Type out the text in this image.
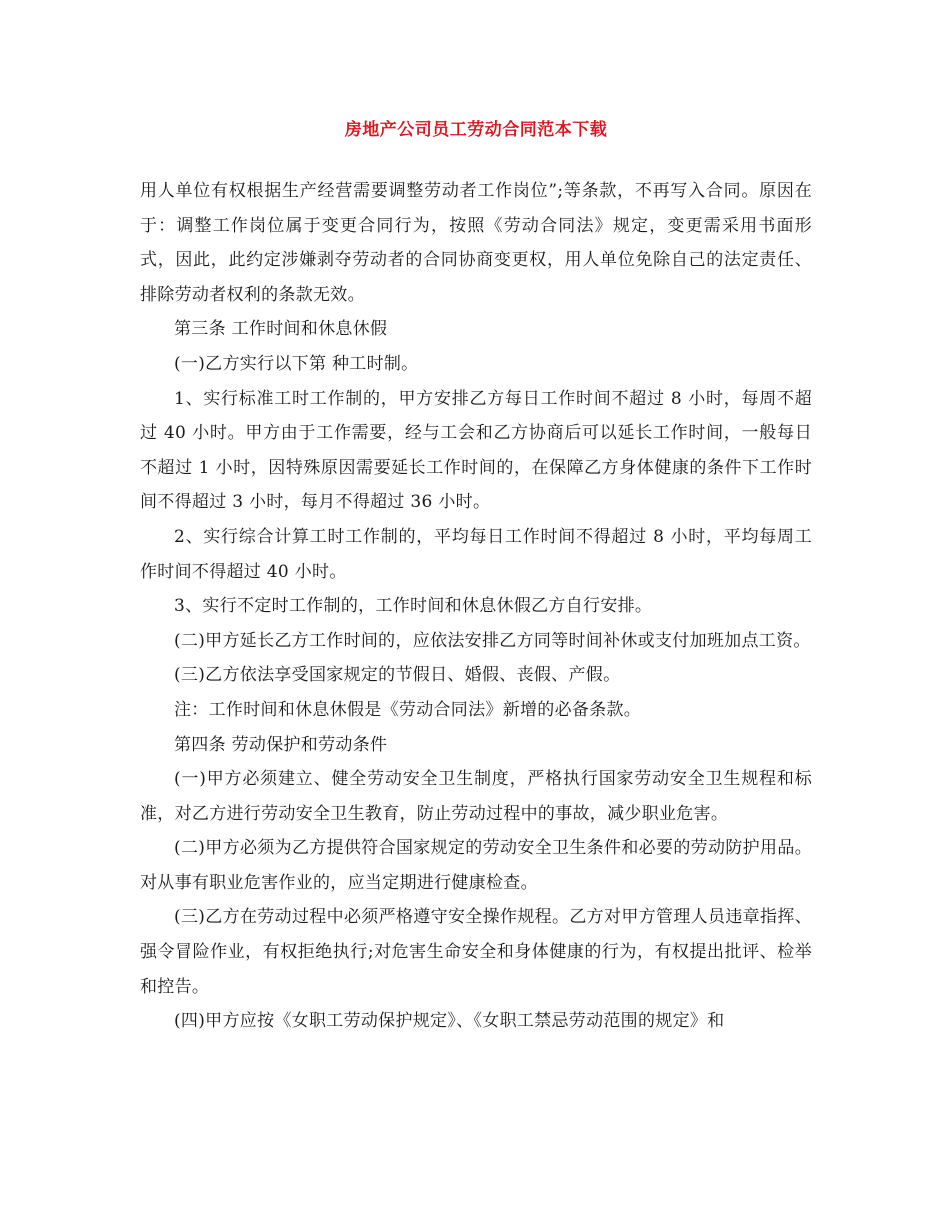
房地产公司员工劳动合同范本下载

用人单位有权根据生产经营需要调整劳动者工作岗位”;等条款，不再写入合同。原因在于：调整工作岗位属于变更合同行为，按照《劳动合同法》规定，变更需采用书面形式，因此，此约定涉嫌剥夺劳动者的合同协商变更权，用人单位免除自己的法定责任、排除劳动者权利的条款无效。

第三条 工作时间和休息休假

(一)乙方实行以下第 种工时制。

1、实行标准工时工作制的，甲方安排乙方每日工作时间不超过 8 小时，每周不超过 40 小时。甲方由于工作需要，经与工会和乙方协商后可以延长工作时间，一般每日不超过 1 小时，因特殊原因需要延长工作时间的，在保障乙方身体健康的条件下工作时间不得超过 3 小时，每月不得超过 36 小时。

2、实行综合计算工时工作制的，平均每日工作时间不得超过 8 小时，平均每周工作时间不得超过 40 小时。

3、实行不定时工作制的，工作时间和休息休假乙方自行安排。

(二)甲方延长乙方工作时间的，应依法安排乙方同等时间补休或支付加班加点工资。

(三)乙方依法享受国家规定的节假日、婚假、丧假、产假。

注：工作时间和休息休假是《劳动合同法》新增的必备条款。

第四条 劳动保护和劳动条件

(一)甲方必须建立、健全劳动安全卫生制度，严格执行国家劳动安全卫生规程和标准，对乙方进行劳动安全卫生教育，防止劳动过程中的事故，减少职业危害。

(二)甲方必须为乙方提供符合国家规定的劳动安全卫生条件和必要的劳动防护用品。对从事有职业危害作业的，应当定期进行健康检查。

(三)乙方在劳动过程中必须严格遵守安全操作规程。乙方对甲方管理人员违章指挥、强令冒险作业，有权拒绝执行;对危害生命安全和身体健康的行为，有权提出批评、检举和控告。

(四)甲方应按《女职工劳动保护规定》、《女职工禁忌劳动范围的规定》和
